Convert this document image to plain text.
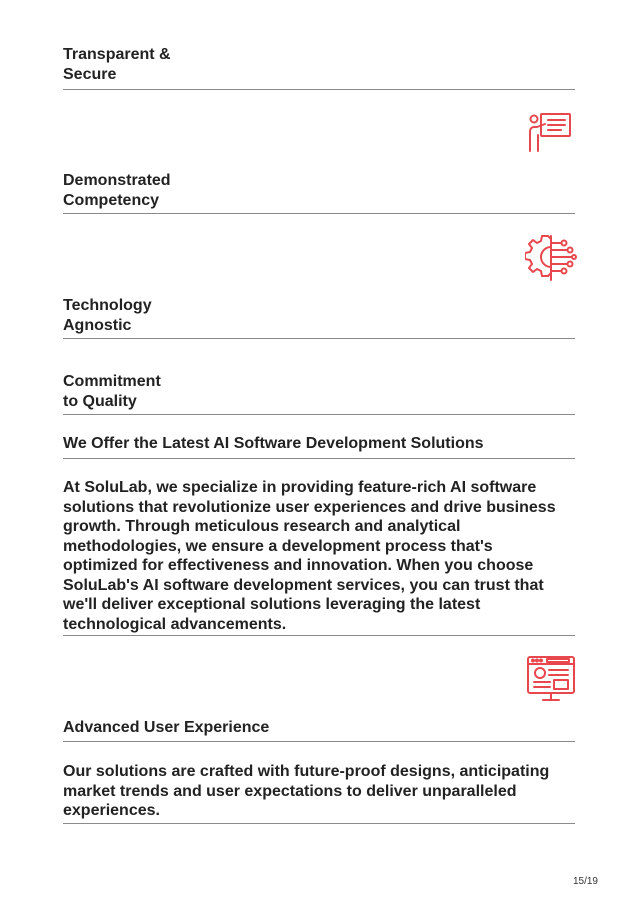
Transparent &
Secure

Demonstrated
Competency

Technology
Agnostic

Commitment
to Quality

We Offer the Latest AI Software Development Solutions

At SoluLab, we specialize in providing feature-rich AI software solutions that revolutionize user experiences and drive business growth. Through meticulous research and analytical methodologies, we ensure a development process that's optimized for effectiveness and innovation. When you choose SoluLab's AI software development services, you can trust that we'll deliver exceptional solutions leveraging the latest technological advancements.

Advanced User Experience

Our solutions are crafted with future-proof designs, anticipating market trends and user expectations to deliver unparalleled experiences.

15/19
